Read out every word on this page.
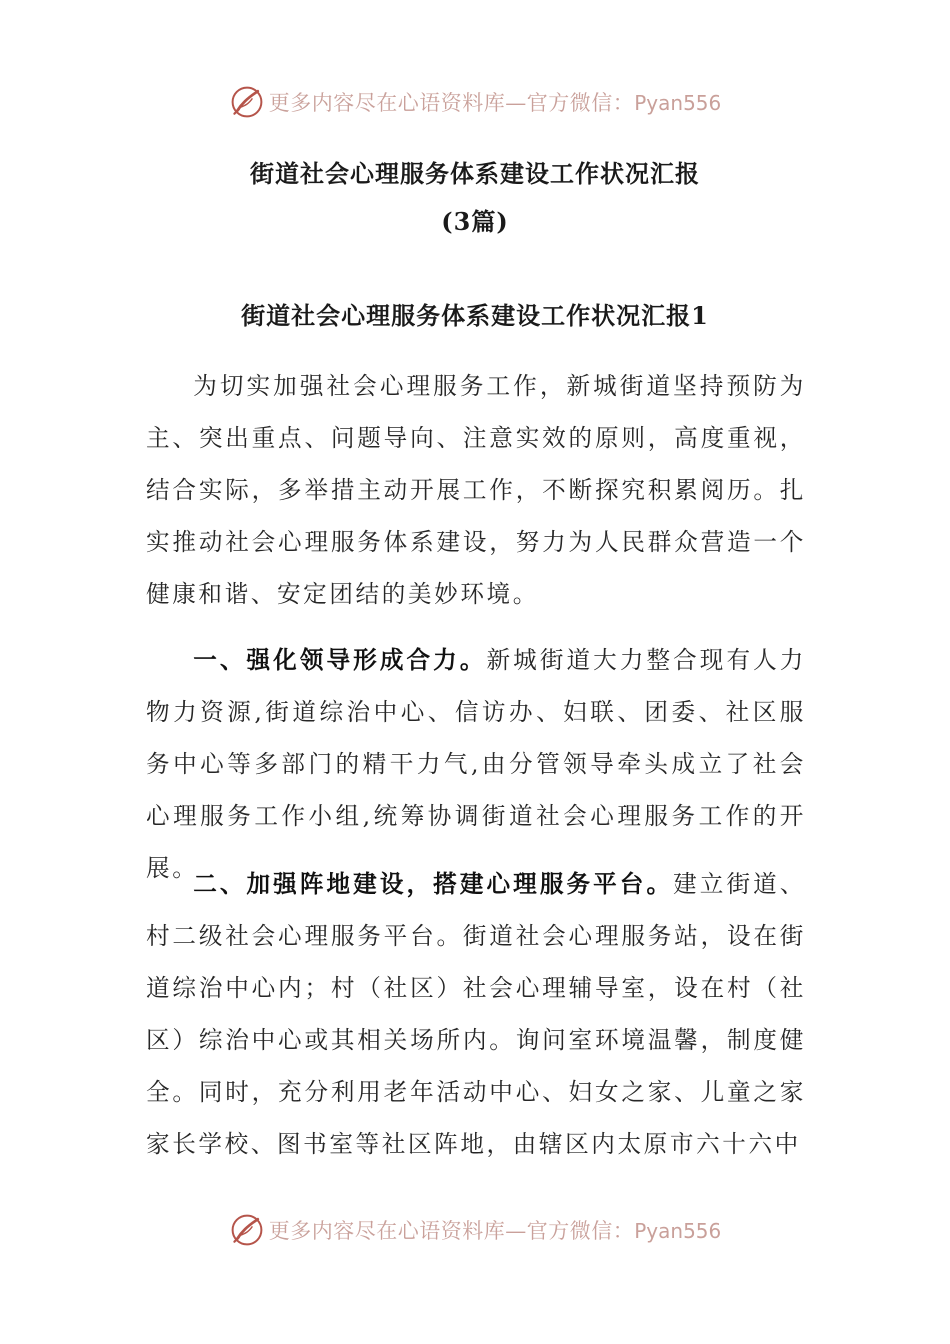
更多内容尽在心语资料库—官方微信：Pyan556
街道社会心理服务体系建设工作状况汇报
(3篇)
街道社会心理服务体系建设工作状况汇报1
为切实加强社会心理服务工作，新城街道坚持预防为主、突出重点、问题导向、注意实效的原则，高度重视，结合实际，多举措主动开展工作，不断探究积累阅历。扎实推动社会心理服务体系建设，努力为人民群众营造一个健康和谐、安定团结的美妙环境。
一、强化领导形成合力。新城街道大力整合现有人力物力资源,街道综治中心、信访办、妇联、团委、社区服务中心等多部门的精干力气,由分管领导牵头成立了社会心理服务工作小组,统筹协调街道社会心理服务工作的开展。
二、加强阵地建设，搭建心理服务平台。建立街道、村二级社会心理服务平台。街道社会心理服务站，设在街道综治中心内；村（社区）社会心理辅导室，设在村（社区）综治中心或其相关场所内。询问室环境温馨，制度健全。同时，充分利用老年活动中心、妇女之家、儿童之家家长学校、图书室等社区阵地，由辖区内太原市六十六中
更多内容尽在心语资料库—官方微信：Pyan556
